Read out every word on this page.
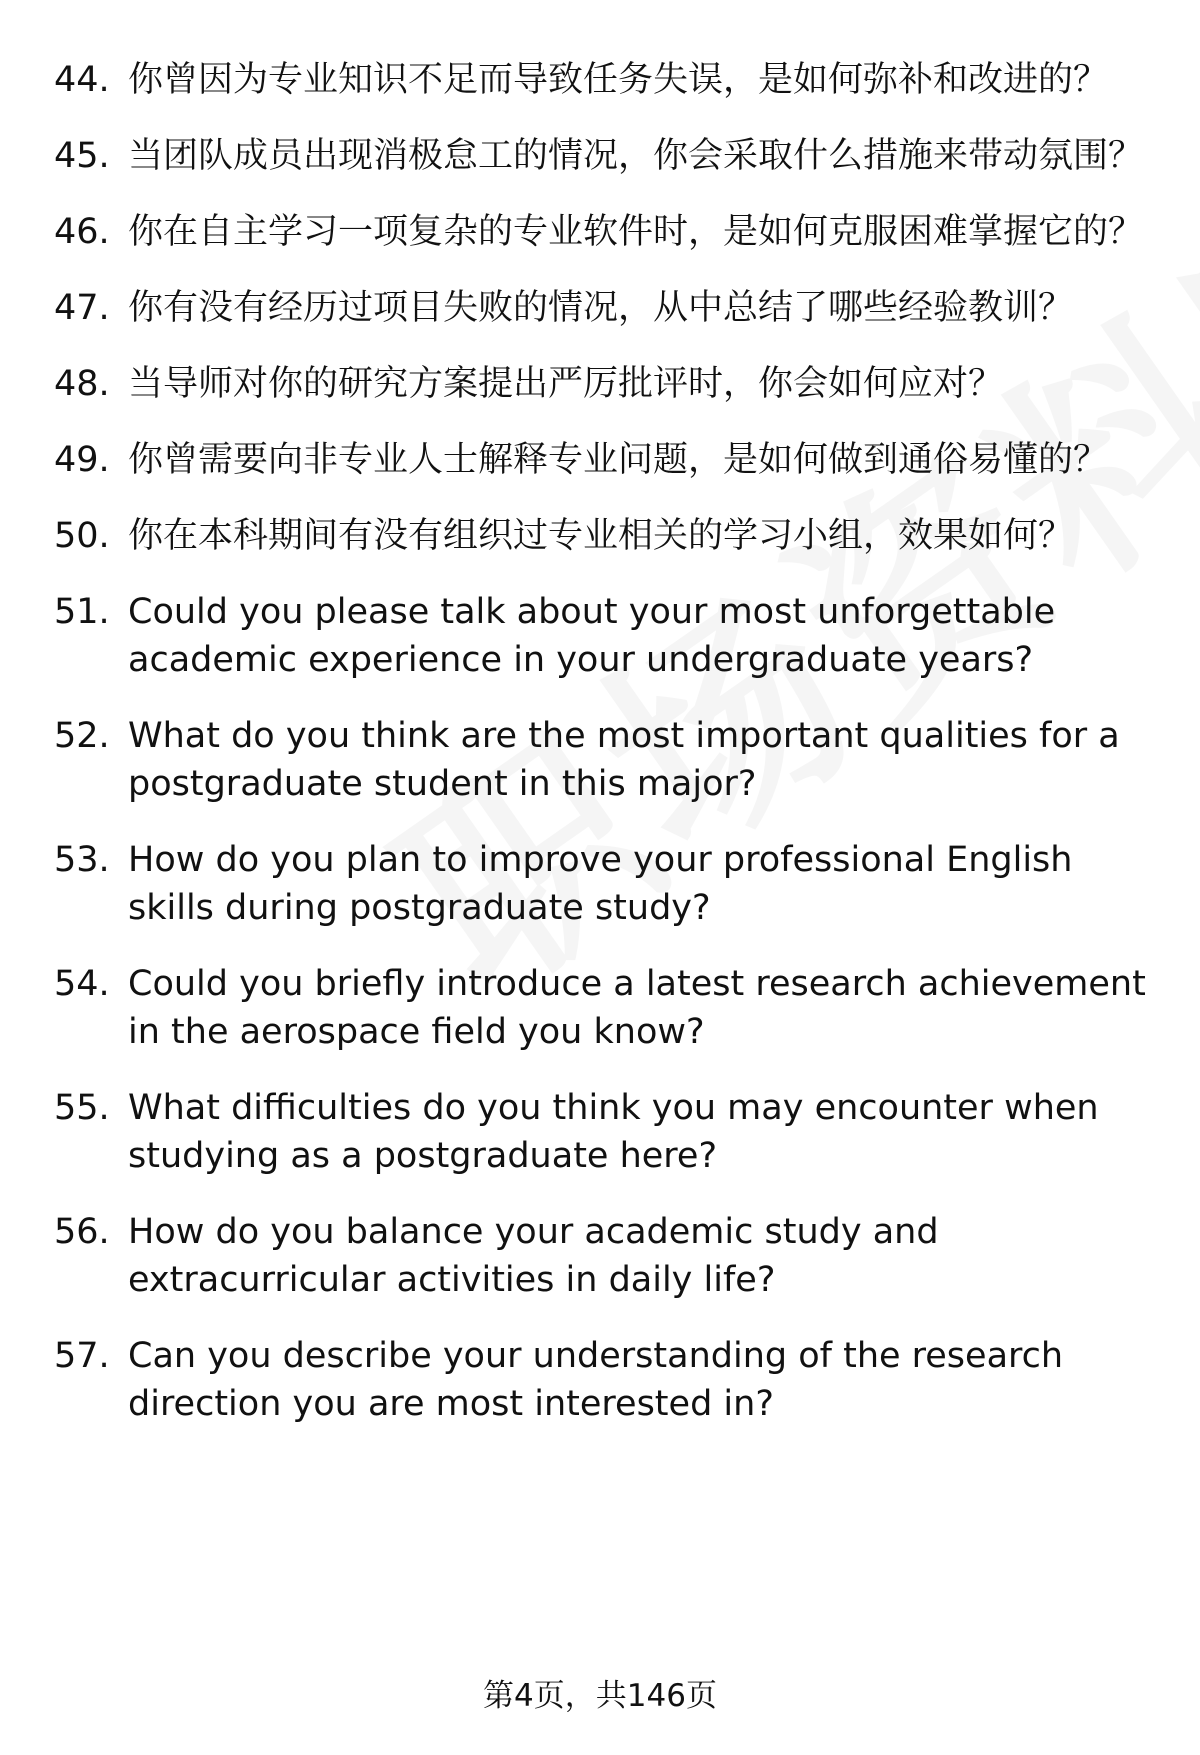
44. 你曾因为专业知识不足而导致任务失误，是如何弥补和改进的？
45. 当团队成员出现消极怠工的情况，你会采取什么措施来带动氛围？
46. 你在自主学习一项复杂的专业软件时，是如何克服困难掌握它的？
47. 你有没有经历过项目失败的情况，从中总结了哪些经验教训？
48. 当导师对你的研究方案提出严厉批评时，你会如何应对？
49. 你曾需要向非专业人士解释专业问题，是如何做到通俗易懂的？
50. 你在本科期间有没有组织过专业相关的学习小组，效果如何？
51. Could you please talk about your most unforgettable academic experience in your undergraduate years?
52. What do you think are the most important qualities for a postgraduate student in this major?
53. How do you plan to improve your professional English skills during postgraduate study?
54. Could you briefly introduce a latest research achievement in the aerospace field you know?
55. What difficulties do you think you may encounter when studying as a postgraduate here?
56. How do you balance your academic study and extracurricular activities in daily life?
57. Can you describe your understanding of the research direction you are most interested in?
第4页，共146页
